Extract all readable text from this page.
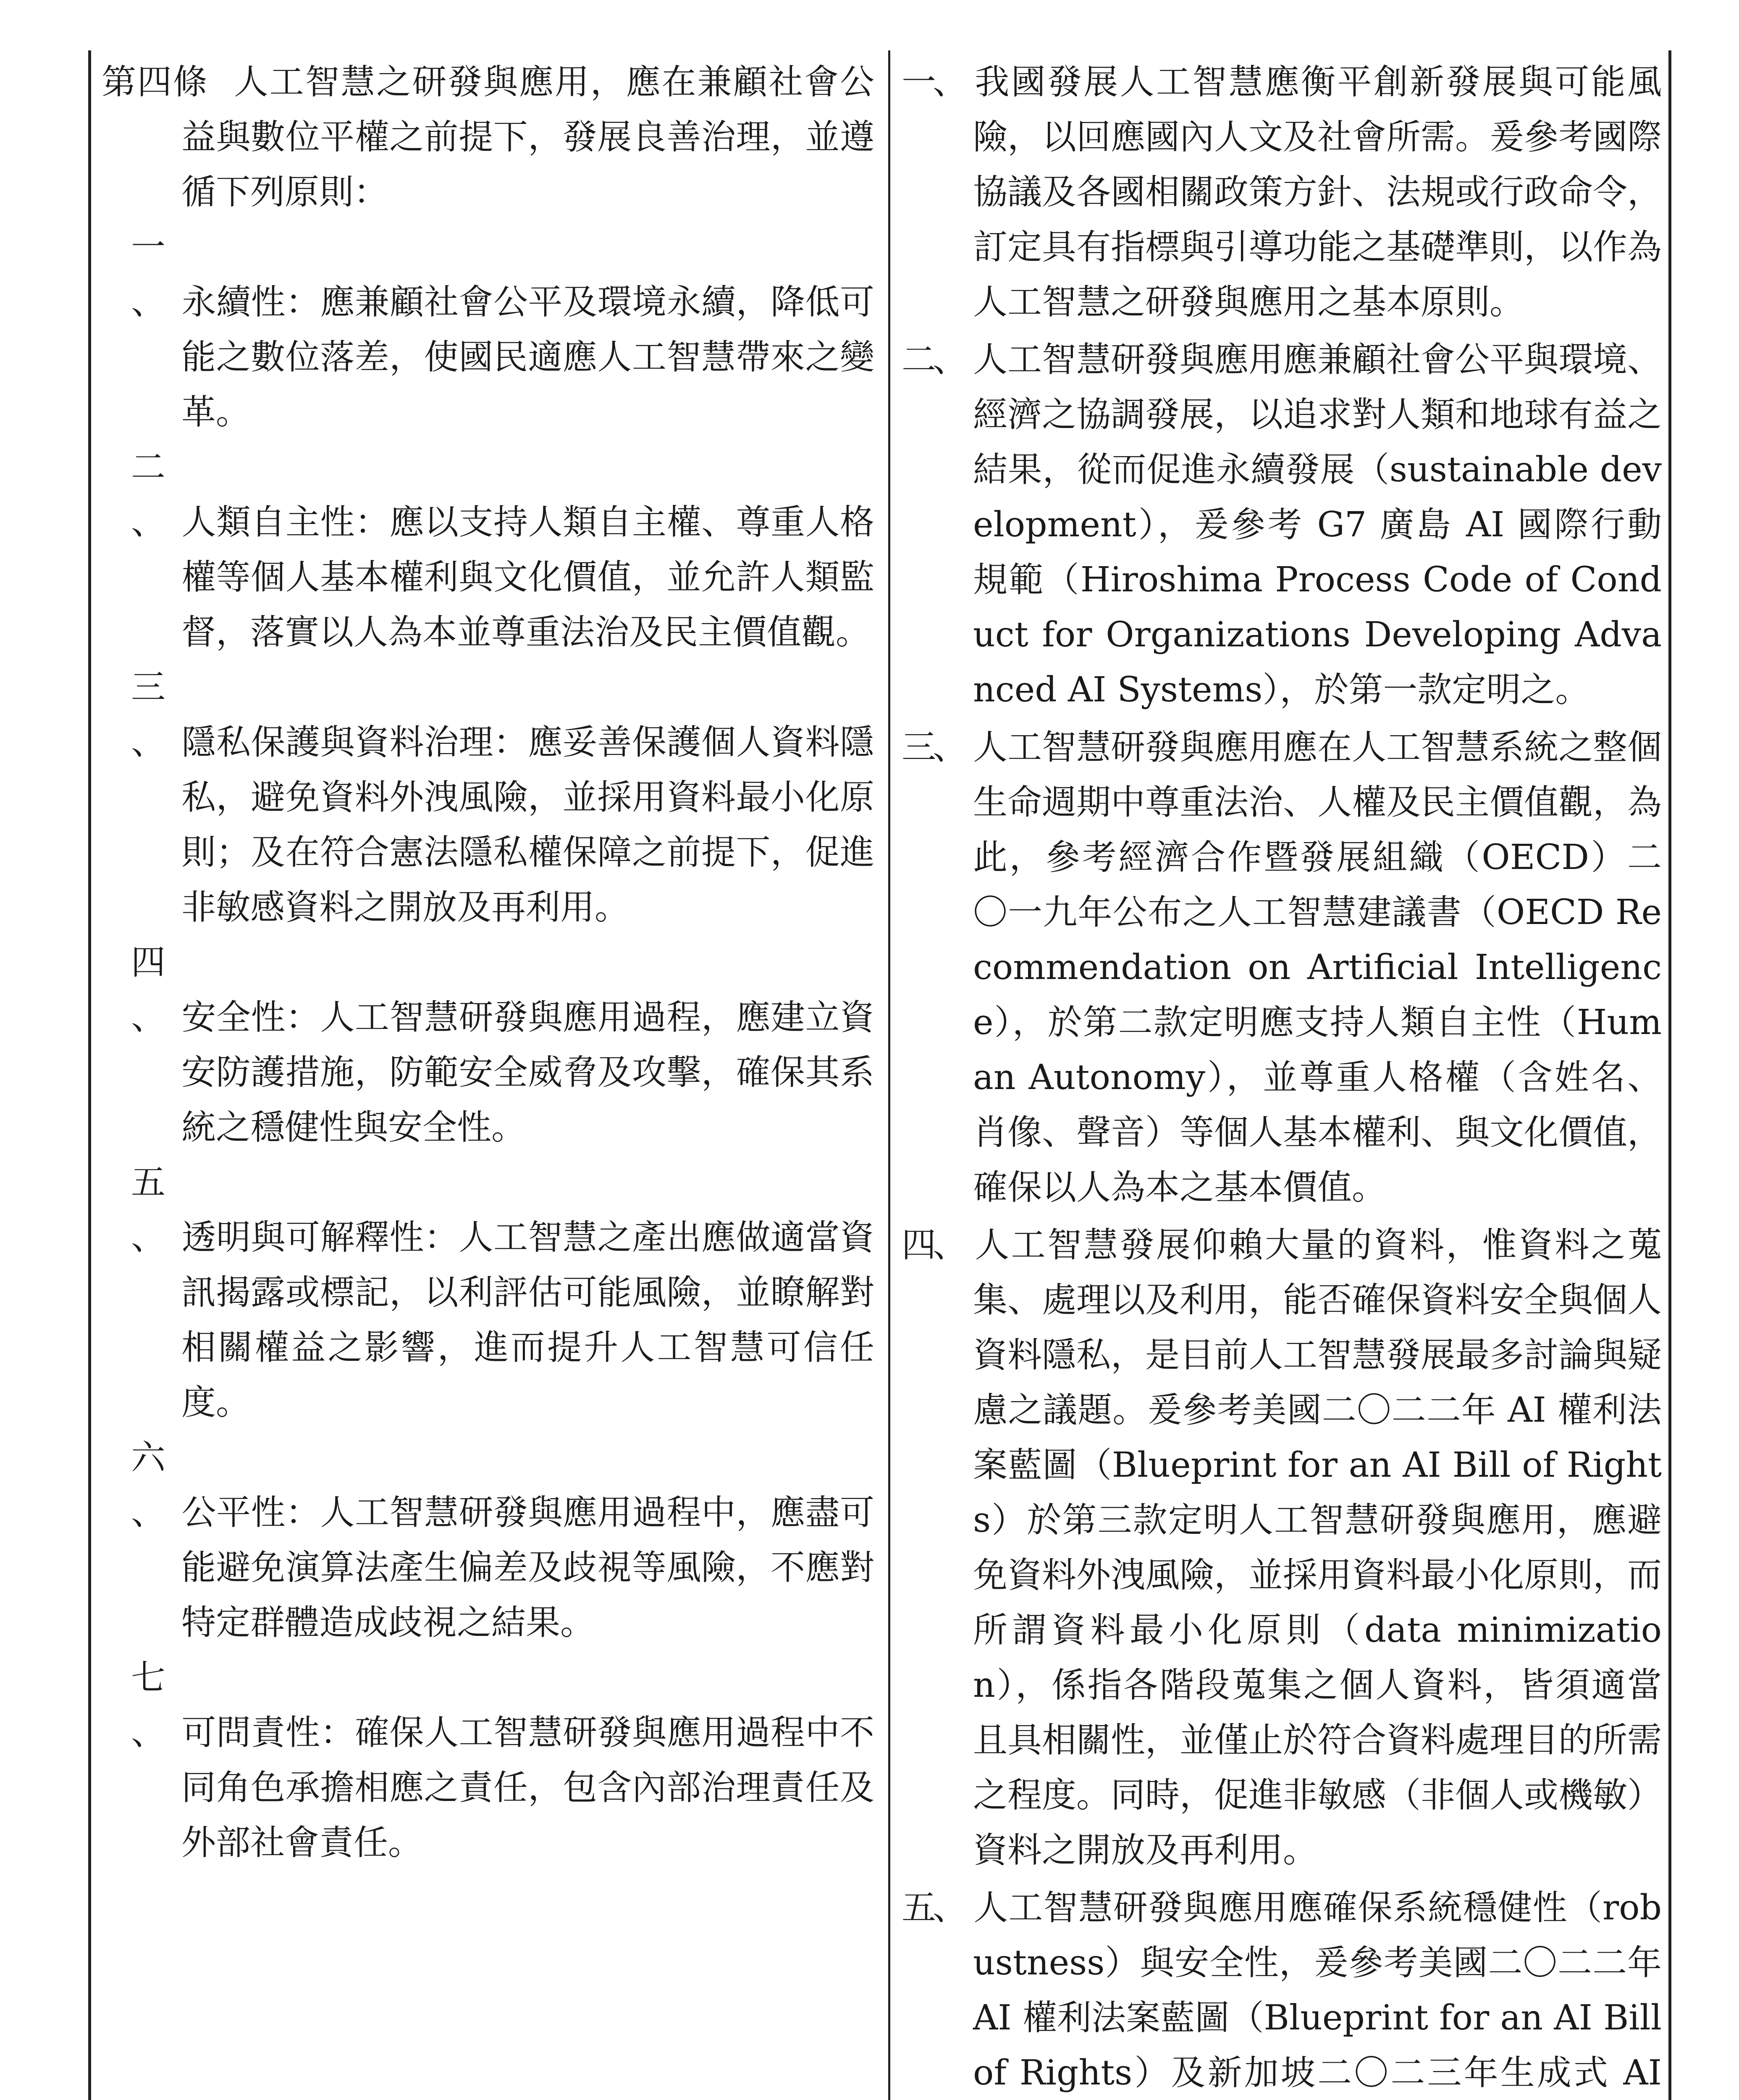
第四條 人工智慧之研發與應用，應在兼顧社會公益與數位平權之前提下，發展良善治理，並遵循下列原則：

一、 永續性：應兼顧社會公平及環境永續，降低可能之數位落差，使國民適應人工智慧帶來之變革。

二、 人類自主性：應以支持人類自主權、尊重人格權等個人基本權利與文化價值，並允許人類監督，落實以人為本並尊重法治及民主價值觀。

三、 隱私保護與資料治理：應妥善保護個人資料隱私，避免資料外洩風險，並採用資料最小化原則；及在符合憲法隱私權保障之前提下，促進非敏感資料之開放及再利用。

四、 安全性：人工智慧研發與應用過程，應建立資安防護措施，防範安全威脅及攻擊，確保其系統之穩健性與安全性。

五、 透明與可解釋性：人工智慧之產出應做適當資訊揭露或標記，以利評估可能風險，並瞭解對相關權益之影響，進而提升人工智慧可信任度。

六、 公平性：人工智慧研發與應用過程中，應盡可能避免演算法產生偏差及歧視等風險，不應對特定群體造成歧視之結果。

七、 可問責性：確保人工智慧研發與應用過程中不同角色承擔相應之責任，包含內部治理責任及外部社會責任。

一、 我國發展人工智慧應衡平創新發展與可能風險，以回應國內人文及社會所需。爰參考國際協議及各國相關政策方針、法規或行政命令，訂定具有指標與引導功能之基礎準則，以作為人工智慧之研發與應用之基本原則。

二、 人工智慧研發與應用應兼顧社會公平與環境、經濟之協調發展，以追求對人類和地球有益之結果，從而促進永續發展（sustainable development），爰參考 G7 廣島 AI 國際行動規範（Hiroshima Process Code of Conduct for Organizations Developing Advanced AI Systems），於第一款定明之。

三、 人工智慧研發與應用應在人工智慧系統之整個生命週期中尊重法治、人權及民主價值觀，為此，參考經濟合作暨發展組織（OECD）二〇一九年公布之人工智慧建議書（OECD Recommendation on Artificial Intelligence），於第二款定明應支持人類自主性（Human Autonomy），並尊重人格權（含姓名、肖像、聲音）等個人基本權利、與文化價值，確保以人為本之基本價值。

四、 人工智慧發展仰賴大量的資料，惟資料之蒐集、處理以及利用，能否確保資料安全與個人資料隱私，是目前人工智慧發展最多討論與疑慮之議題。爰參考美國二〇二二年 AI 權利法案藍圖（Blueprint for an AI Bill of Rights）於第三款定明人工智慧研發與應用，應避免資料外洩風險，並採用資料最小化原則，而所謂資料最小化原則（data minimization），係指各階段蒐集之個人資料，皆須適當且具相關性，並僅止於符合資料處理目的所需之程度。同時，促進非敏感（非個人或機敏）資料之開放及再利用。

五、 人工智慧研發與應用應確保系統穩健性（robustness）與安全性，爰參考美國二〇二二年 AI 權利法案藍圖（Blueprint for an AI Bill of Rights）及新加坡二〇二三年生成式 AI
